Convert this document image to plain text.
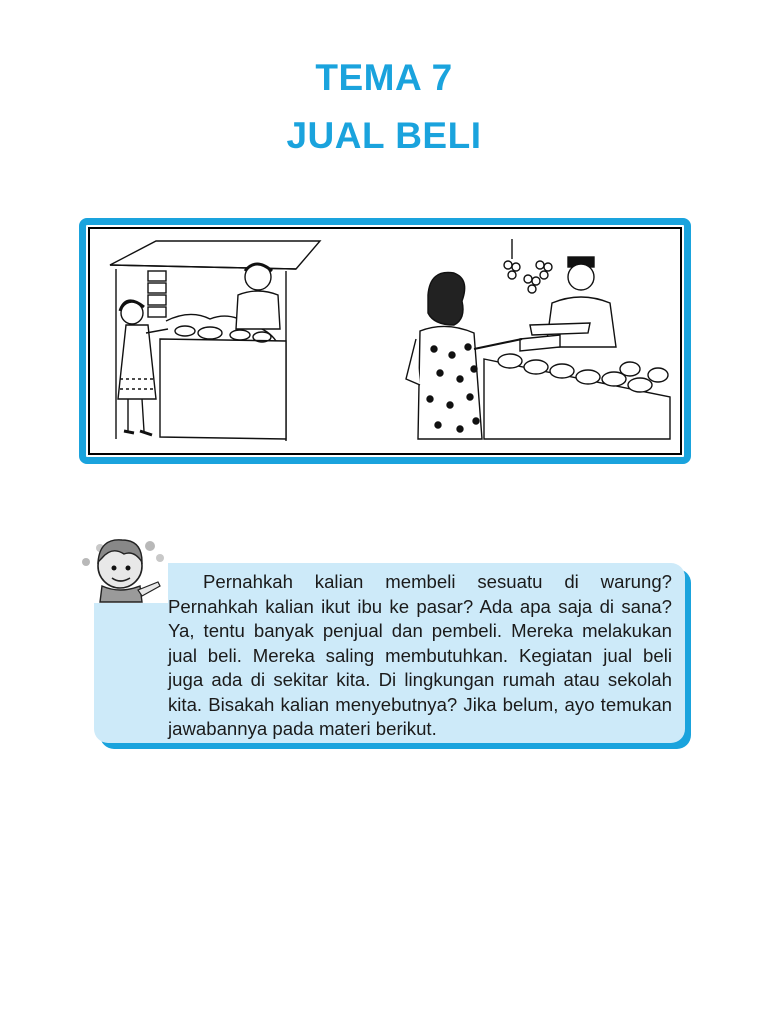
TEMA 7
JUAL BELI

Pernahkah kalian membeli sesuatu di warung? Pernahkah kalian ikut ibu ke pasar? Ada apa saja di sana? Ya, tentu banyak penjual dan pembeli. Mereka melakukan jual beli. Mereka saling membutuhkan. Kegiatan jual beli juga ada di sekitar kita. Di lingkungan rumah atau sekolah kita. Bisakah kalian menyebutnya? Jika belum, ayo temukan jawabannya pada materi berikut.
